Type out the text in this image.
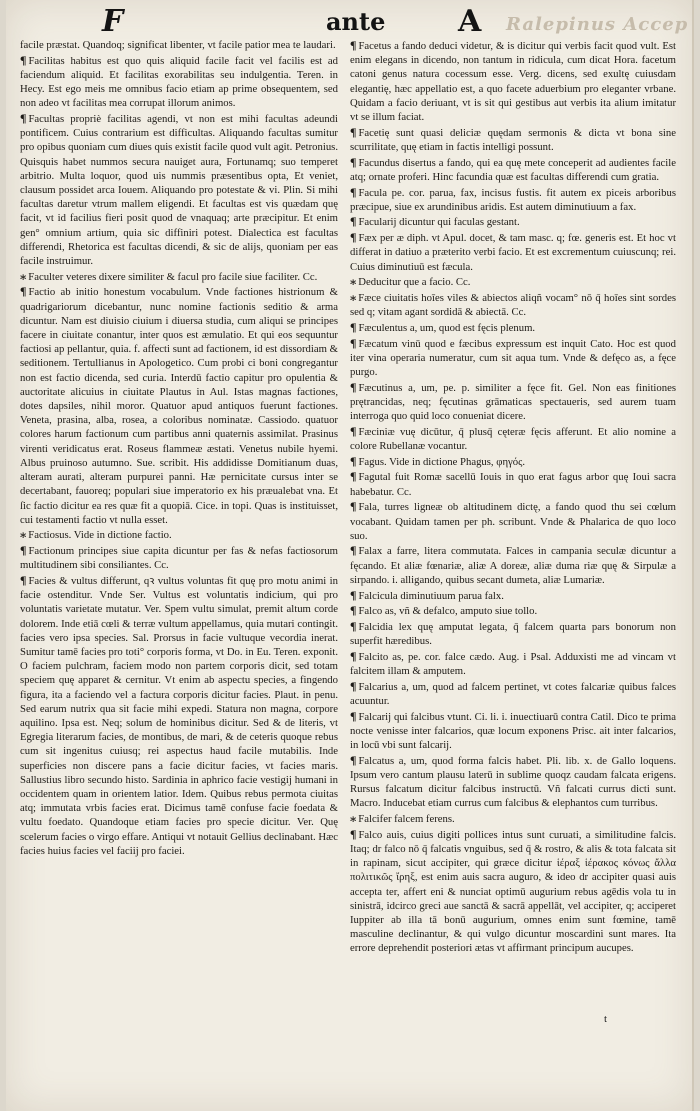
F	ante A Ralepinus Accep

facile præstat. Quandoq; significat libenter, vt facile patior mea te laudari.

¶ Facilitas habitus est quo quis aliquid facile facit vel facilis est ad faciendum aliquid. Et facilitas exorabilitas seu indulgentia. Teren. in Hecy. Est ego meis me omnibus facio etiam ap prime obsequentem, sed non adeo vt facilitas mea corrupat illorum animos.

¶ Facultas propriè facilitas agendi, vt non est mihi facultas adeundi pontificem. Cuius contrarium est difficultas. Aliquando facultas sumitur pro opibus quoniam cum diues quis existit facile quod vult agit. Petronius. Quisquis habet nummos secura nauiget aura, Fortunamq; suo temperet arbitrio. Multa loquor, quod uis nummis præsentibus opta, Et veniet, clausum possidet arca Iouem. Aliquando pro potestate & vi. Plin. Si mihi facultas daretur vtrum mallem eligendi. Et facultas est vis quædam quę facit, vt id facilius fieri posit quod de vnaquaq; arte præcipitur. Et enim gen° omnium artium, quia sic diffiniri potest. Dialectica est facultas differendi, Rhetorica est facultas dicendi, & sic de alijs, quoniam per eas facile instruimur.

⁎ Faculter veteres dixere similiter & facul pro facile siue faciliter. Cc.

¶ Factio ab initio honestum vocabulum. Vnde factiones histrionum & quadrigariorum dicebantur, nunc nomine factionis seditio & arma dicuntur. Nam est diuisio ciuium i diuersa studia, cum aliqui se principes facere in ciuitate conantur, inter quos est æmulatio. Et qui eos sequuntur factiosi ap pellantur, quia. f. affecti sunt ad factionem, id est dissordiam & seditionem. Tertullianus in Apologetico. Cum probi ci boni congregantur non est factio dicenda, sed curia. Interdū factio capitur pro opulentia & auctoritate alicuius in ciuitate Plautus in Aul. Istas magnas factiones, dotes dapsiles, nihil moror. Quatuor apud antiquos fuerunt factiones. Veneta, prasina, alba, rosea, a coloribus nominatæ. Cassiodo. quatuor colores harum factionum cum partibus anni quaternis assimilat. Prasinus virenti veridicatus erat. Roseus flammeæ æstati. Venetus nubile hyemi. Albus pruinoso autumno. Sue. scribit. His addidisse Domitianum duas, alteram aurati, alteram purpurei panni. Hæ pernicitate cursus inter se decertabant, fauoreq; populari siue imperatorio ex his præualebat vna. Et ſic factio dicitur ea res quæ fit a quopiā. Cice. in topi. Quas is instituisset, cui testamenti factio vt nulla esset.

⁎ Factiosus. Vide in dictione factio.

¶ Factionum principes siue capita dicuntur per fas & nefas factiosorum multitudinem sibi consiliantes. Cc.

¶ Facies & vultus differunt, qꝛ vultus voluntas fit quę pro motu animi in facie ostenditur. Vnde Ser. Vultus est voluntatis indicium, qui pro voluntatis varietate mutatur. Ver. Spem vultu simulat, premit altum corde dolorem. Inde etiā cœli & terræ vultum appellamus, quia mutari contingit. facies vero ipsa species. Sal. Prorsus in facie vultuque vecordia inerat. Sumitur tamē facies pro toti° corporis forma, vt Do. in Eu. Teren. exponit. O faciem pulchram, faciem modo non partem corporis dicit, sed totam speciem quę apparet & cernitur. Vt enim ab aspectu species, a fingendo figura, ita a faciendo vel a factura corporis dicitur facies. Plaut. in penu. Sed earum nutrix qua sit facie mihi expedi. Statura non magna, corpore aquilino. Ipsa est. Neq; solum de hominibus dicitur. Sed & de literis, vt Egregia literarum facies, de montibus, de mari, & de ceteris quoque rebus cum sit ingenitus cuiusq; rei aspectus haud facile mutabilis. Inde superficies non discere pans a facie dicitur facies, vt facies maris. Sallustius libro secundo histo. Sardinia in aphrico facie vestigij humani in occidentem quam in orientem latior. Idem. Quibus rebus permota ciuitas atq; immutata vrbis facies erat. Dicimus tamē confuse facie foedata & vultu foedato. Quandoque etiam facies pro specie dicitur. Ver. Quę scelerum facies o virgo effare. Antiqui vt notauit Gellius declinabant. Hæc facies huius facies vel faciij pro faciei.

¶ Facetus a fando deduci videtur, & is dicitur qui verbis facit quod vult. Est enim elegans in dicendo, non tantum in ridicula, cum dicat Hora. facetum catoni genus natura cocessum esse. Verg. dicens, sed exultę cuiusdam elegantię, hæc appellatio est, a quo facete aduerbium pro eleganter vrbane. Quidam a facio deriuant, vt is sit qui gestibus aut verbis ita alium imitatur vt se illum faciat.

¶ Facetię sunt quasi deliciæ quędam sermonis & dicta vt bona sine scurrilitate, quę etiam in factis intelligi possunt.

¶ Facundus disertus a fando, qui ea quę mete conceperit ad audientes facile atq; ornate proferi. Hinc facundia quæ est facultas differendi cum gratia.

¶ Facula pe. cor. parua, fax, incisus fustis. fit autem ex piceis arboribus præcipue, siue ex arundinibus aridis. Est autem diminutiuum a fax.

¶ Facularij dicuntur qui faculas gestant.

¶ Fæx per æ diph. vt Apul. docet, & tam masc. q; fœ. generis est. Et hoc vt differat in datiuo a præterito verbi facio. Et est excrementum cuiuscunq; rei. Cuius diminutiuū est fæcula.

⁎ Deducitur que a facio. Cc.

⁎ Fæce ciuitatis hoīes viles & abiectos aliqñ vocam° nō q̄ hoīes sint sordes sed q; vitam agant sordidā & abiectā. Cc.

¶ Fæculentus a, um, quod est fęcis plenum.

¶ Fæcatum vinū quod e fæcibus expressum est inquit Cato. Hoc est quod iter vina operaria numeratur, cum sit aqua tum. Vnde & defęco as, a fęce purgo.

¶ Fæcutinus a, um, pe. p. similiter a fęce fit. Gel. Non eas finitiones prętrancidas, neq; fęcutinas grāmaticas spectaueris, sed aurem tuam interroga quo quid loco conueniat dicere.

¶ Fæciniæ vuę dicūtur, q̄ plusq̄ cęteræ fęcis afferunt. Et alio nomine a colore Rubellanæ vocantur.

¶ Fagus. Vide in dictione Phagus, φηγός.

¶ Fagutal fuit Romæ sacellū Iouis in quo erat fagus arbor quę Ioui sacra habebatur. Cc.

¶ Fala, turres ligneæ ob altitudinem dictę, a fando quod thu sei cœlum vocabant. Quidam tamen per ph. scribunt. Vnde & Phalarica de quo loco suo.

¶ Falax a farre, litera commutata. Falces in campania seculæ dicuntur a fęcando. Et aliæ fœnariæ, aliæ A doreæ, aliæ duma riæ quę & Sirpulæ a sirpando. i. alligando, quibus secant dumeta, aliæ Lumariæ.

¶ Falcicula diminutiuum parua falx.

¶ Falco as, vñ & defalco, amputo siue tollo.

¶ Falcidia lex quę amputat legata, q̄ falcem quarta pars bonorum non superfit hæredibus.

¶ Falcito as, pe. cor. falce cædo. Aug. i Psal. Adduxisti me ad vincam vt falcitem illam & amputem.

¶ Falcarius a, um, quod ad falcem pertinet, vt cotes falcariæ quibus falces acuuntur.

¶ Falcarij qui falcibus vtunt. Ci. li. i. inuectiuarū contra Catil. Dico te prima nocte venisse inter falcarios, quæ locum exponens Prisc. ait inter falcarios, in locū vbi sunt falcarij.

¶ Falcatus a, um, quod forma falcis habet. Pli. lib. x. de Gallo loquens. Ipsum vero cantum plausu laterū in sublime quoqz caudam falcata erigens. Rursus falcatum dicitur falcibus instructū. Vñ falcati currus dicti sunt. Macro. Inducebat etiam currus cum falcibus & elephantos cum turribus.

⁎ Falcifer falcem ferens.

¶ Falco auis, cuius digiti pollices intus sunt curuati, a similitudine falcis. Itaq; dr falco nō q̄ falcatis vnguibus, sed q̄ & rostro, & alis & tota falcata sit in rapinam, sicut accipiter, qui græce dicitur ἱέραξ ἱέρακος κόνως ἄλλα πολιτικῶς ἴρηξ, est enim auis sacra auguro, & ideo dr accipiter quasi auis accepta ter, affert eni & nunciat optimū augurium rebus agēdis vola tu in sinistrā, idcirco greci aue sanctā & sacrā appellāt, vel accipiter, q; acciperet Iuppiter ab illa tā bonū augurium, omnes enim sunt fœmine, tamē masculine declinantur, & qui vulgo dicuntur moscardini sunt mares. Ita errore deprehendit posteriori ætas vt affirmant principum aucupes.

t
